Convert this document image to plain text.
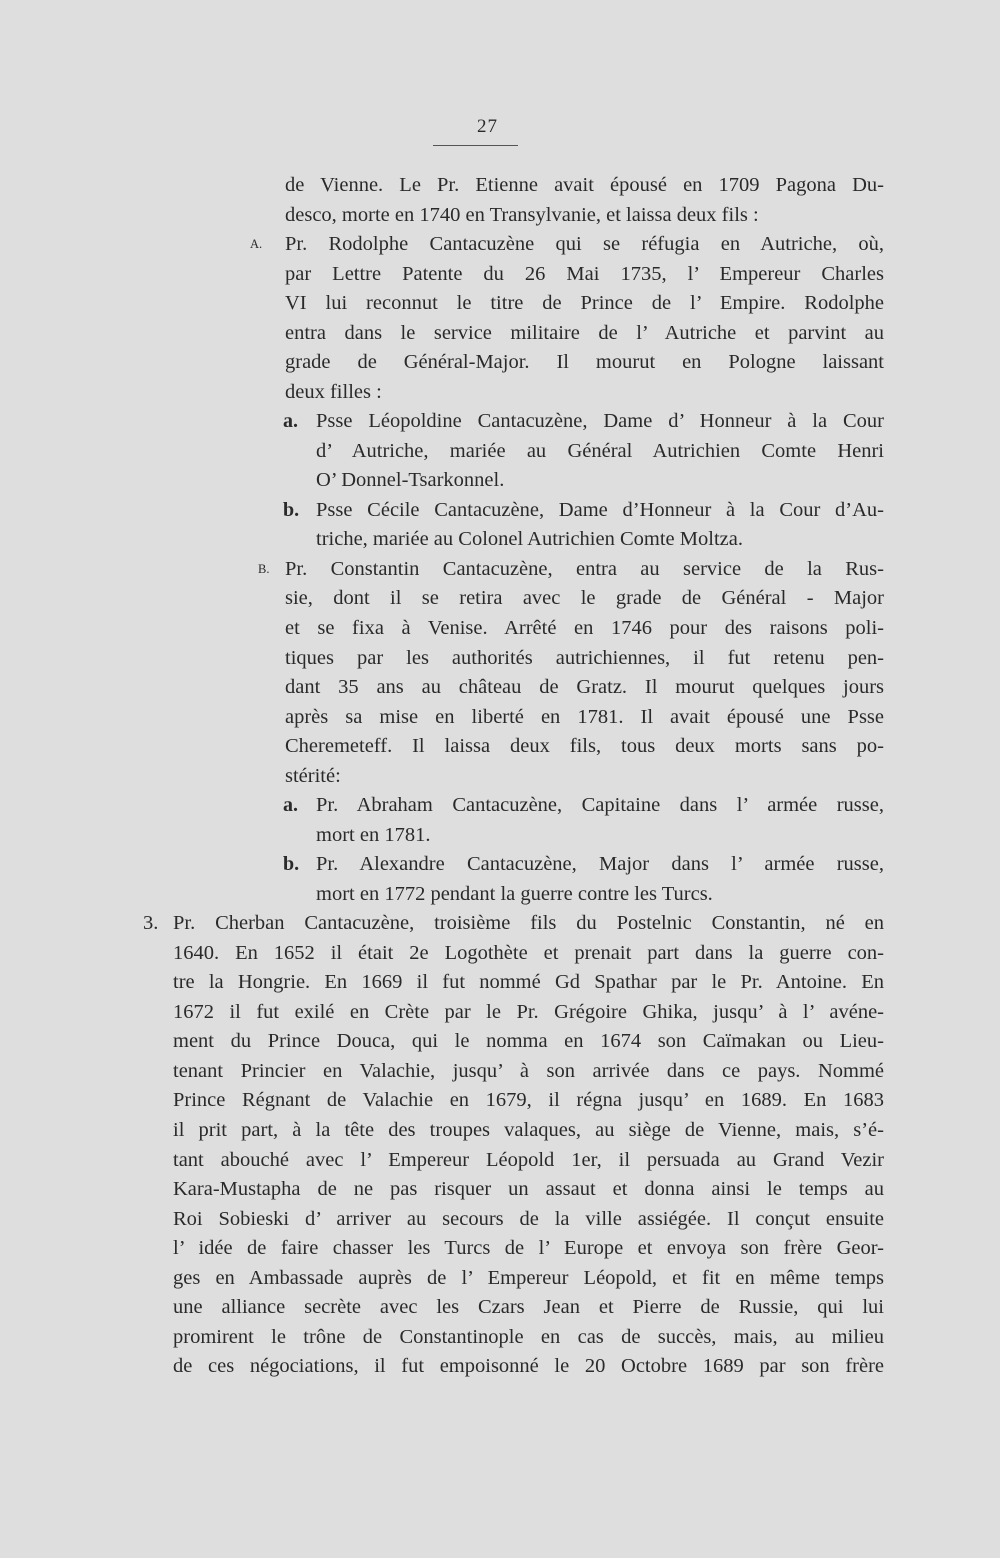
27
de Vienne. Le Pr. Etienne avait épousé en 1709 Pagona Du-
desco, morte en 1740 en Transylvanie, et laissa deux fils :
A. Pr. Rodolphe Cantacuzène qui se réfugia en Autriche, où,
par Lettre Patente du 26 Mai 1735, l’ Empereur Charles
VI lui reconnut le titre de Prince de l’ Empire. Rodolphe
entra dans le service militaire de l’ Autriche et parvint au
grade de Général-Major. Il mourut en Pologne laissant
deux filles :
a. Psse Léopoldine Cantacuzène, Dame d’ Honneur à la Cour
d’ Autriche, mariée au Général Autrichien Comte Henri
O’ Donnel-Tsarkonnel.
b. Psse Cécile Cantacuzène, Dame d’Honneur à la Cour d’Au-
triche, mariée au Colonel Autrichien Comte Moltza.
B. Pr. Constantin Cantacuzène, entra au service de la Rus-
sie, dont il se retira avec le grade de Général - Major
et se fixa à Venise. Arrêté en 1746 pour des raisons poli-
tiques par les authorités autrichiennes, il fut retenu pen-
dant 35 ans au château de Gratz. Il mourut quelques jours
après sa mise en liberté en 1781. Il avait épousé une Psse
Cheremeteff. Il laissa deux fils, tous deux morts sans po-
stérité:
a. Pr. Abraham Cantacuzène, Capitaine dans l’ armée russe,
mort en 1781.
b. Pr. Alexandre Cantacuzène, Major dans l’ armée russe,
mort en 1772 pendant la guerre contre les Turcs.
3. Pr. Cherban Cantacuzène, troisième fils du Postelnic Constantin, né en
1640. En 1652 il était 2e Logothète et prenait part dans la guerre con-
tre la Hongrie. En 1669 il fut nommé Gd Spathar par le Pr. Antoine. En
1672 il fut exilé en Crète par le Pr. Grégoire Ghika, jusqu’ à l’ avéne-
ment du Prince Douca, qui le nomma en 1674 son Caïmakan ou Lieu-
tenant Princier en Valachie, jusqu’ à son arrivée dans ce pays. Nommé
Prince Régnant de Valachie en 1679, il régna jusqu’ en 1689. En 1683
il prit part, à la tête des troupes valaques, au siège de Vienne, mais, s’é-
tant abouché avec l’ Empereur Léopold 1er, il persuada au Grand Vezir
Kara-Mustapha de ne pas risquer un assaut et donna ainsi le temps au
Roi Sobieski d’ arriver au secours de la ville assiégée. Il conçut ensuite
l’ idée de faire chasser les Turcs de l’ Europe et envoya son frère Geor-
ges en Ambassade auprès de l’ Empereur Léopold, et fit en même temps
une alliance secrète avec les Czars Jean et Pierre de Russie, qui lui
promirent le trône de Constantinople en cas de succès, mais, au milieu
de ces négociations, il fut empoisonné le 20 Octobre 1689 par son frère
